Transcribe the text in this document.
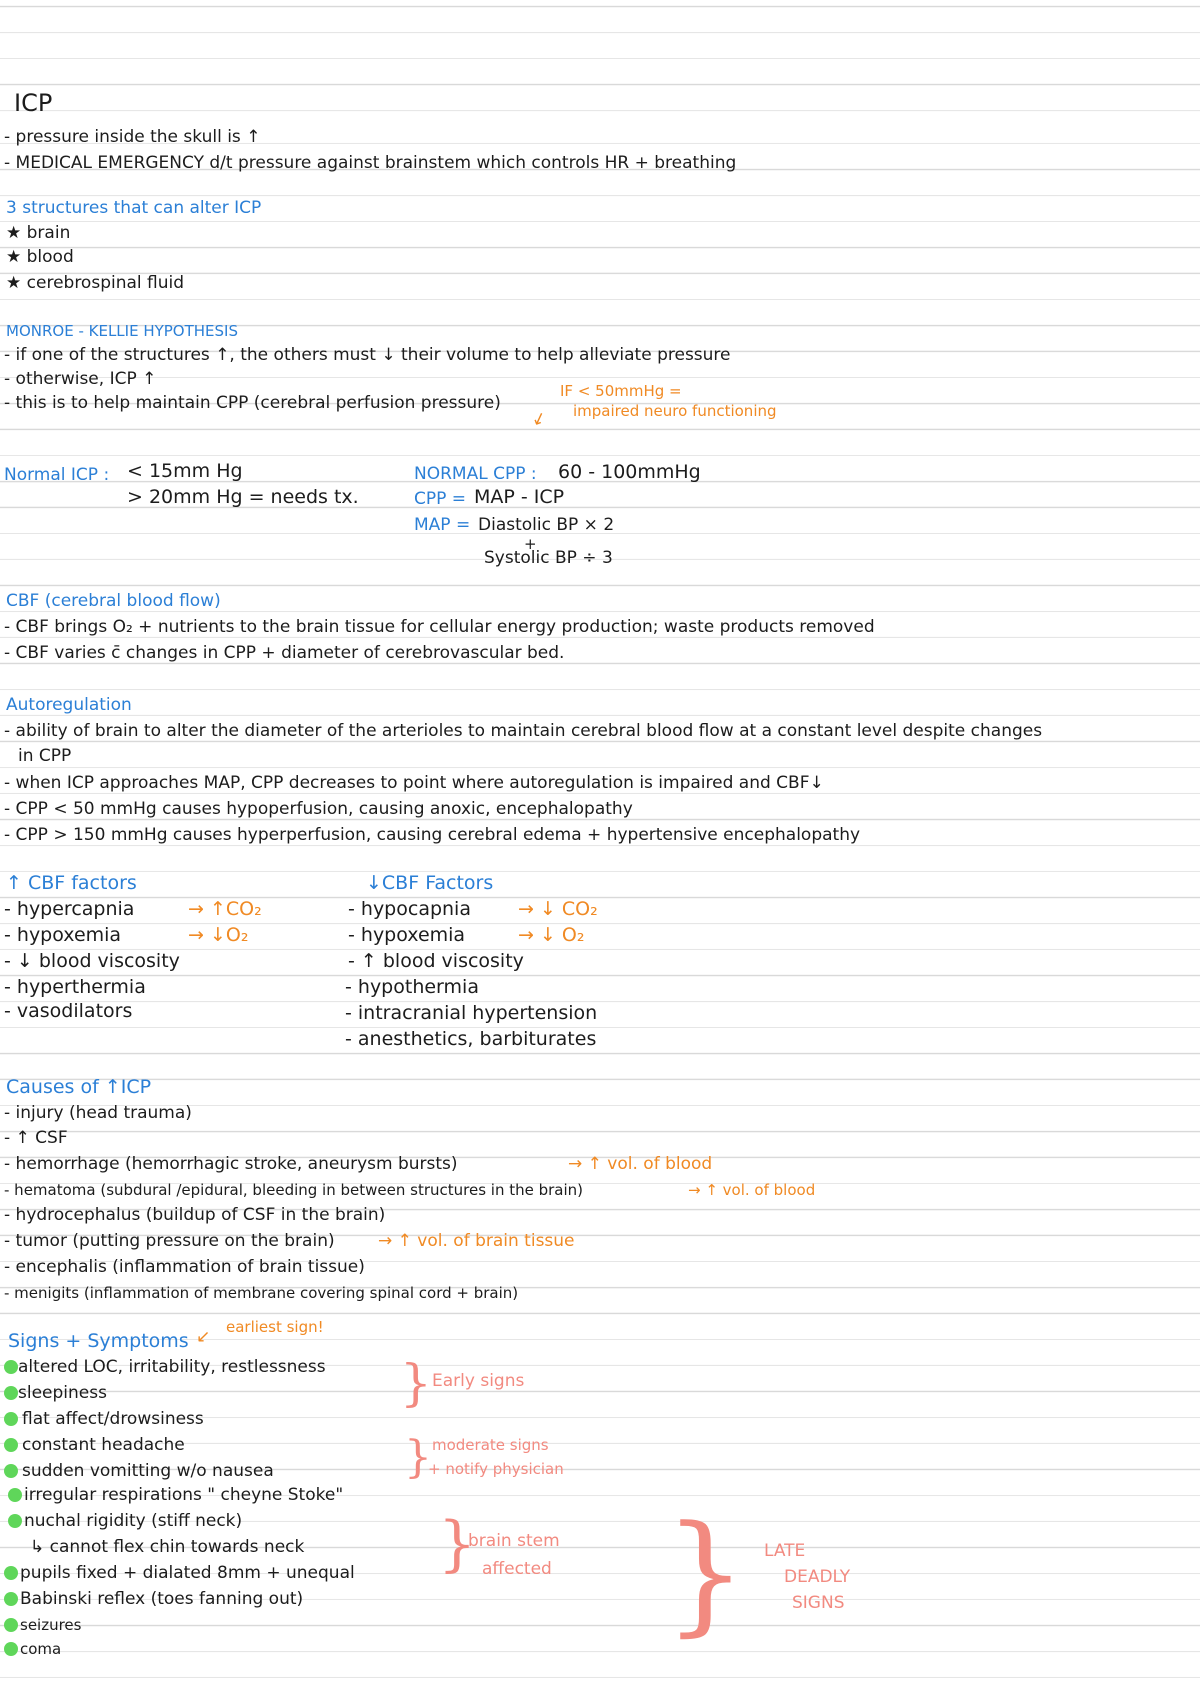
ICP
- pressure inside the skull is ↑
- MEDICAL EMERGENCY d/t pressure against brainstem which controls HR + breathing
3 structures that can alter ICP
★ brain
★ blood
★ cerebrospinal fluid
MONROE - KELLIE HYPOTHESIS
- if one of the structures ↑, the others must ↓ their volume to help alleviate pressure
- otherwise, ICP ↑
- this is to help maintain CPP (cerebral perfusion pressure)
IF < 50mmHg =
impaired neuro functioning
↙
Normal ICP : < 15mm Hg
> 20mm Hg = needs tx.
NORMAL CPP : 60 - 100mmHg
CPP = MAP - ICP
MAP = Diastolic BP × 2
+
Systolic BP ÷ 3
CBF (cerebral blood flow)
- CBF brings O₂ + nutrients to the brain tissue for cellular energy production; waste products removed
- CBF varies c̄ changes in CPP + diameter of cerebrovascular bed.
Autoregulation
- ability of brain to alter the diameter of the arterioles to maintain cerebral blood flow at a constant level despite changes
in CPP
- when ICP approaches MAP, CPP decreases to point where autoregulation is impaired and CBF↓
- CPP < 50 mmHg causes hypoperfusion, causing anoxic, encephalopathy
- CPP > 150 mmHg causes hyperperfusion, causing cerebral edema + hypertensive encephalopathy
↑ CBF factors
- hypercapnia
- hypoxemia
- ↓ blood viscosity
- hyperthermia
- vasodilators
→ ↑CO₂
→ ↓O₂
↓CBF Factors
- hypocapnia
- hypoxemia
- ↑ blood viscosity
- hypothermia
- intracranial hypertension
- anesthetics, barbiturates
→ ↓ CO₂
→ ↓ O₂
Causes of ↑ICP
- injury (head trauma)
- ↑ CSF
- hemorrhage (hemorrhagic stroke, aneurysm bursts)
- hematoma (subdural /epidural, bleeding in between structures in the brain)
- hydrocephalus (buildup of CSF in the brain)
- tumor (putting pressure on the brain)
- encephalis (inflammation of brain tissue)
- menigits (inflammation of membrane covering spinal cord + brain)
→ ↑ vol. of blood
→ ↑ vol. of blood
→ ↑ vol. of brain tissue
Signs + Symptoms
earliest sign!
↙
altered LOC, irritability, restlessness
sleepiness
flat affect/drowsiness
constant headache
sudden vomitting w/o nausea
irregular respirations " cheyne Stoke"
nuchal rigidity (stiff neck)
↳ cannot flex chin towards neck
pupils fixed + dialated 8mm + unequal
Babinski reflex (toes fanning out)
seizures
coma
} Early signs
} moderate signs
+ notify physician
}
brain stem
affected } LATE
DEADLY
SIGNS
